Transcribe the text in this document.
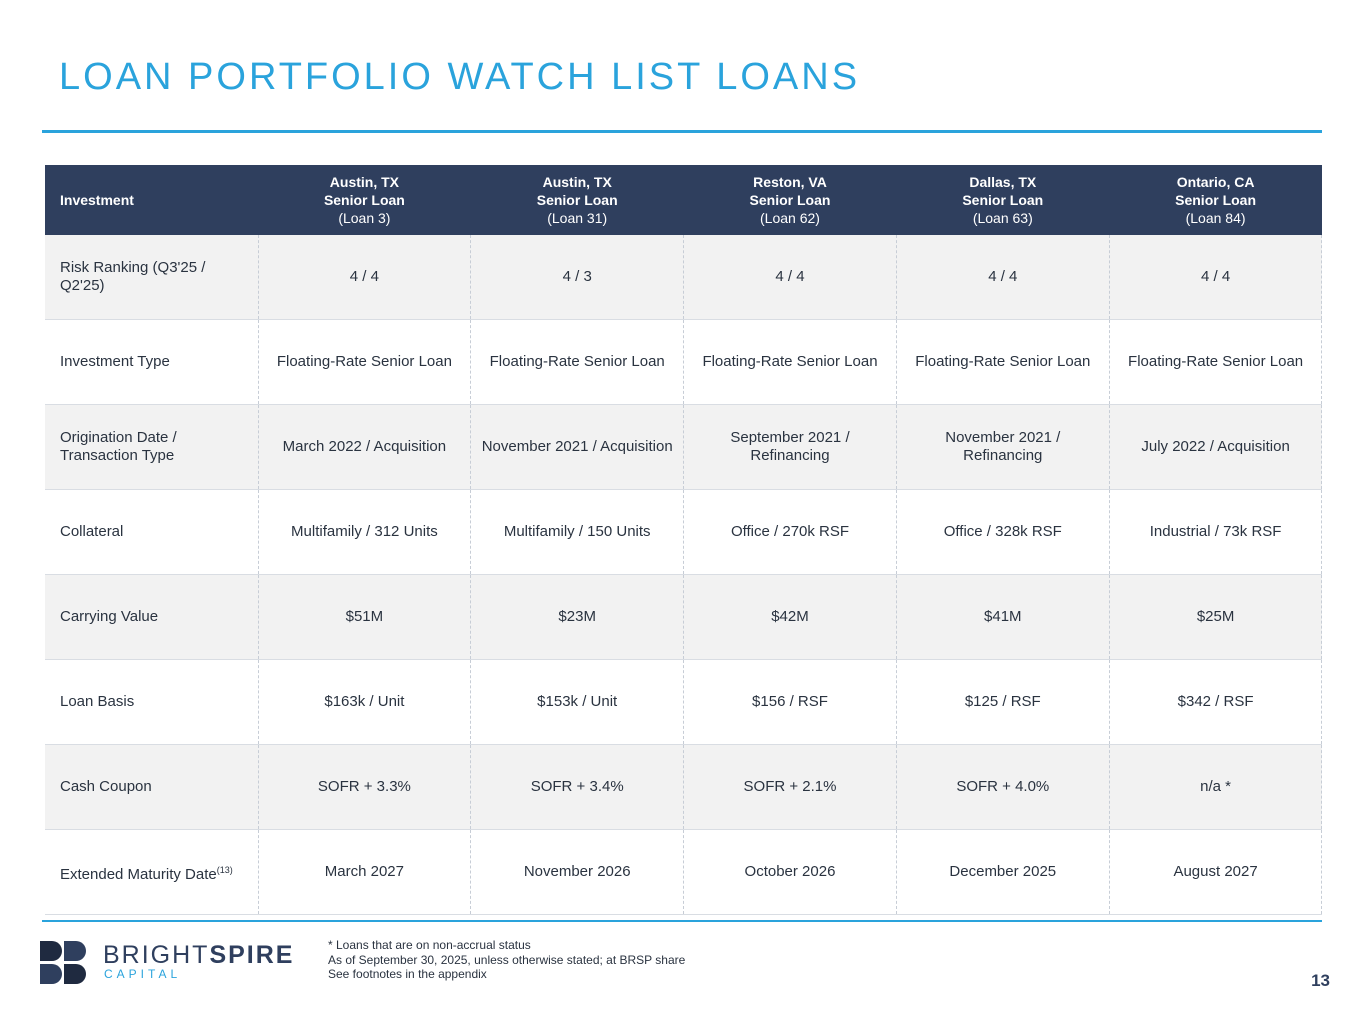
LOAN PORTFOLIO WATCH LIST LOANS
Investment	Austin, TX
Senior Loan
(Loan 3)	Austin, TX
Senior Loan
(Loan 31)	Reston, VA
Senior Loan
(Loan 62)	Dallas, TX
Senior Loan
(Loan 63)	Ontario, CA
Senior Loan
(Loan 84)

Risk Ranking (Q3'25 / Q2'25)	4 / 4	4 / 3	4 / 4	4 / 4	4 / 4
Investment Type	Floating-Rate Senior Loan	Floating-Rate Senior Loan	Floating-Rate Senior Loan	Floating-Rate Senior Loan	Floating-Rate Senior Loan
Origination Date / Transaction Type	March 2022 / Acquisition	November 2021 / Acquisition	September 2021 / Refinancing	November 2021 / Refinancing	July 2022 / Acquisition
Collateral	Multifamily / 312 Units	Multifamily / 150 Units	Office / 270k RSF	Office / 328k RSF	Industrial / 73k RSF
Carrying Value	$51M	$23M	$42M	$41M	$25M
Loan Basis	$163k / Unit	$153k / Unit	$156 / RSF	$125 / RSF	$342 / RSF
Cash Coupon	SOFR + 3.3%	SOFR + 3.4%	SOFR + 2.1%	SOFR + 4.0%	n/a *
Extended Maturity Date$^{(13)}$	March 2027	November 2026	October 2026	December 2025	August 2027
BRIGHTSPIRE
CAPITAL
* Loans that are on non-accrual status
As of September 30, 2025, unless otherwise stated; at BRSP share
See footnotes in the appendix	13
